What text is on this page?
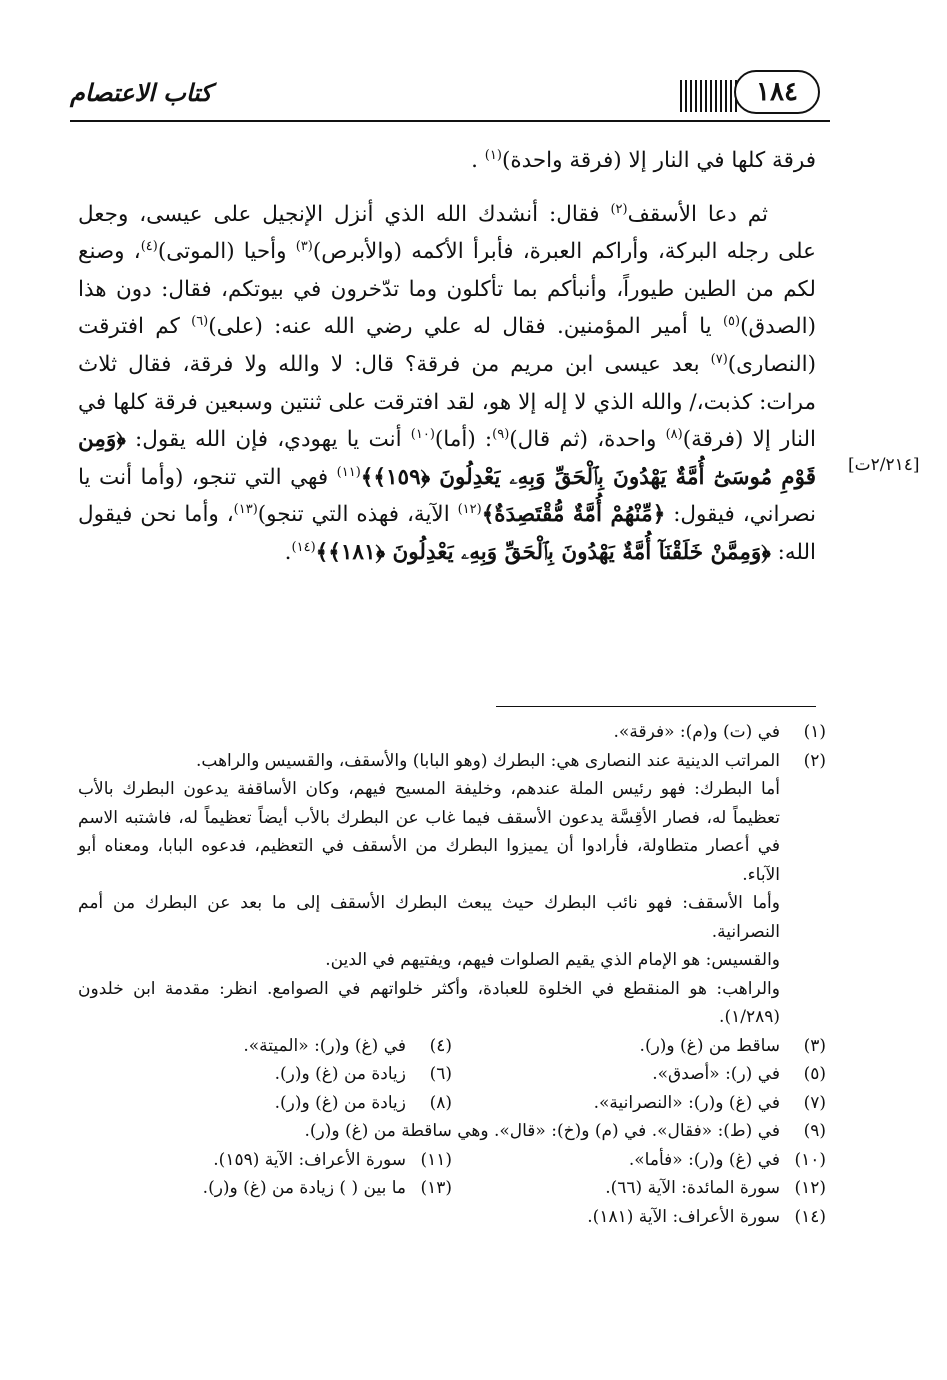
كتاب الاعتصام	١٨٤

فرقة كلها في النار إلا (فرقة واحدة)$^{(١)}$ .

ثم دعا الأسقف$^{(٢)}$ فقال: أنشدك الله الذي أنزل الإنجيل على عيسى، وجعل على رجله البركة، وأراكم العبرة، فأبرأ الأكمه (والأبرص)$^{(٣)}$ وأحيا (الموتى)$^{(٤)}$، وصنع لكم من الطين طيوراً، وأنبأكم بما تأكلون وما تدّخرون في بيوتكم، فقال: دون هذا (الصدق)$^{(٥)}$ يا أمير المؤمنين. فقال له علي رضي الله عنه: (على)$^{(٦)}$ كم افترقت (النصارى)$^{(٧)}$ بعد عيسى ابن مريم من فرقة؟ قال: لا والله ولا فرقة، فقال ثلاث مرات: كذبت،/ والله الذي لا إله إلا هو، لقد افترقت على ثنتين وسبعين فرقة كلها في النار إلا (فرقة)$^{(٨)}$ واحدة، (ثم قال)$^{(٩)}$: (أما)$^{(١٠)}$ أنت يا يهودي، فإن الله يقول: ﴿وَمِن قَوْمِ مُوسَىٰٓ أُمَّةٌ يَهْدُونَ بِٱلْحَقِّ وَبِهِۦ يَعْدِلُونَ ﴿١٥٩﴾﴾$^{(١١)}$ فهي التي تنجو، (وأما أنت يا نصراني، فيقول: ﴿مِّنْهُمْ أُمَّةٌ مُّقْتَصِدَةٌ﴾$^{(١٢)}$ الآية، فهذه التي تنجو)$^{(١٣)}$، وأما نحن فيقول الله: ﴿وَمِمَّنْ خَلَقْنَآ أُمَّةٌ يَهْدُونَ بِٱلْحَقِّ وَبِهِۦ يَعْدِلُونَ ﴿١٨١﴾﴾$^{(١٤)}$.

[٢/٢١٤ت]
(١)
في (ت) و(م): «فرقة».
(٢)

المراتب الدينية عند النصارى هي: البطرك (وهو البابا) والأسقف، والقسيس والراهب.

أما البطرك: فهو رئيس الملة عندهم، وخليفة المسيح فيهم، وكان الأساقفة يدعون البطرك بالأب تعظيماً له، فصار الأقِسَّة يدعون الأسقف فيما غاب عن البطرك بالأب أيضاً تعظيماً له، فاشتبه الاسم في أعصار متطاولة، فأرادوا أن يميزوا البطرك من الأسقف في التعظيم، فدعوه البابا، ومعناه أبو الآباء.

وأما الأسقف: فهو نائب البطرك حيث يبعث البطرك الأسقف إلى ما بعد عن البطرك من أمم النصرانية.

والقسيس: هو الإمام الذي يقيم الصلوات فيهم، ويفتيهم في الدين.

والراهب: هو المنقطع في الخلوة للعبادة، وأكثر خلواتهم في الصوامع. انظر: مقدمة ابن خلدون (١/٢٨٩).

(٣)
ساقط من (غ) و(ر).
(٤)
في (غ) و(ر): «الميتة».
(٥)
في (ر): «أصدق».
(٦)
زيادة من (غ) و(ر).
(٧)
في (غ) و(ر): «النصرانية».
(٨)
زيادة من (غ) و(ر).
(٩)
في (ط): «فقال». في (م) و(خ): «قال». وهي ساقطة من (غ) و(ر).
(١٠)
في (غ) و(ر): «فأما».
(١١)
سورة الأعراف: الآية (١٥٩).
(١٢)
سورة المائدة: الآية (٦٦).
(١٣)
ما بين ( ) زيادة من (غ) و(ر).
(١٤)
سورة الأعراف: الآية (١٨١).
